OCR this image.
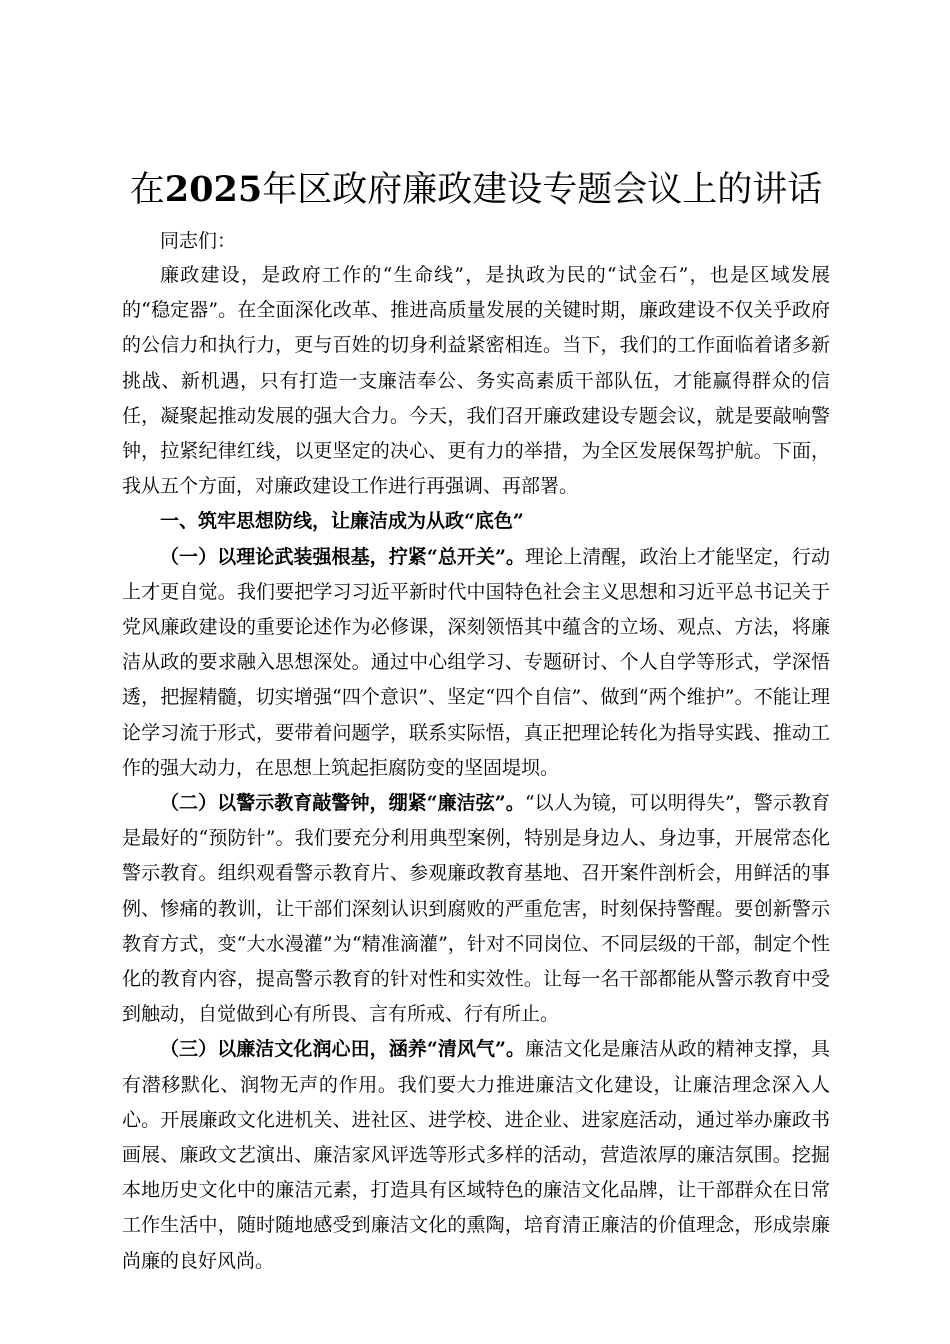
在2025年区政府廉政建设专题会议上的讲话

同志们：

廉政建设，是政府工作的“生命线”，是执政为民的“试金石”，也是区域发展的“稳定器”。在全面深化改革、推进高质量发展的关键时期，廉政建设不仅关乎政府的公信力和执行力，更与百姓的切身利益紧密相连。当下，我们的工作面临着诸多新挑战、新机遇，只有打造一支廉洁奉公、务实高素质干部队伍，才能赢得群众的信任，凝聚起推动发展的强大合力。今天，我们召开廉政建设专题会议，就是要敲响警钟，拉紧纪律红线，以更坚定的决心、更有力的举措，为全区发展保驾护航。下面，我从五个方面，对廉政建设工作进行再强调、再部署。

一、筑牢思想防线，让廉洁成为从政“底色”

（一）以理论武装强根基，拧紧“总开关”。理论上清醒，政治上才能坚定，行动上才更自觉。我们要把学习习近平新时代中国特色社会主义思想和习近平总书记关于党风廉政建设的重要论述作为必修课，深刻领悟其中蕴含的立场、观点、方法，将廉洁从政的要求融入思想深处。通过中心组学习、专题研讨、个人自学等形式，学深悟透，把握精髓，切实增强“四个意识”、坚定“四个自信”、做到“两个维护”。不能让理论学习流于形式，要带着问题学，联系实际悟，真正把理论转化为指导实践、推动工作的强大动力，在思想上筑起拒腐防变的坚固堤坝。

（二）以警示教育敲警钟，绷紧“廉洁弦”。“以人为镜，可以明得失”，警示教育是最好的“预防针”。我们要充分利用典型案例，特别是身边人、身边事，开展常态化警示教育。组织观看警示教育片、参观廉政教育基地、召开案件剖析会，用鲜活的事例、惨痛的教训，让干部们深刻认识到腐败的严重危害，时刻保持警醒。要创新警示教育方式，变“大水漫灌”为“精准滴灌”，针对不同岗位、不同层级的干部，制定个性化的教育内容，提高警示教育的针对性和实效性。让每一名干部都能从警示教育中受到触动，自觉做到心有所畏、言有所戒、行有所止。

（三）以廉洁文化润心田，涵养“清风气”。廉洁文化是廉洁从政的精神支撑，具有潜移默化、润物无声的作用。我们要大力推进廉洁文化建设，让廉洁理念深入人心。开展廉政文化进机关、进社区、进学校、进企业、进家庭活动，通过举办廉政书画展、廉政文艺演出、廉洁家风评选等形式多样的活动，营造浓厚的廉洁氛围。挖掘本地历史文化中的廉洁元素，打造具有区域特色的廉洁文化品牌，让干部群众在日常工作生活中，随时随地感受到廉洁文化的熏陶，培育清正廉洁的价值理念，形成崇廉尚廉的良好风尚。
